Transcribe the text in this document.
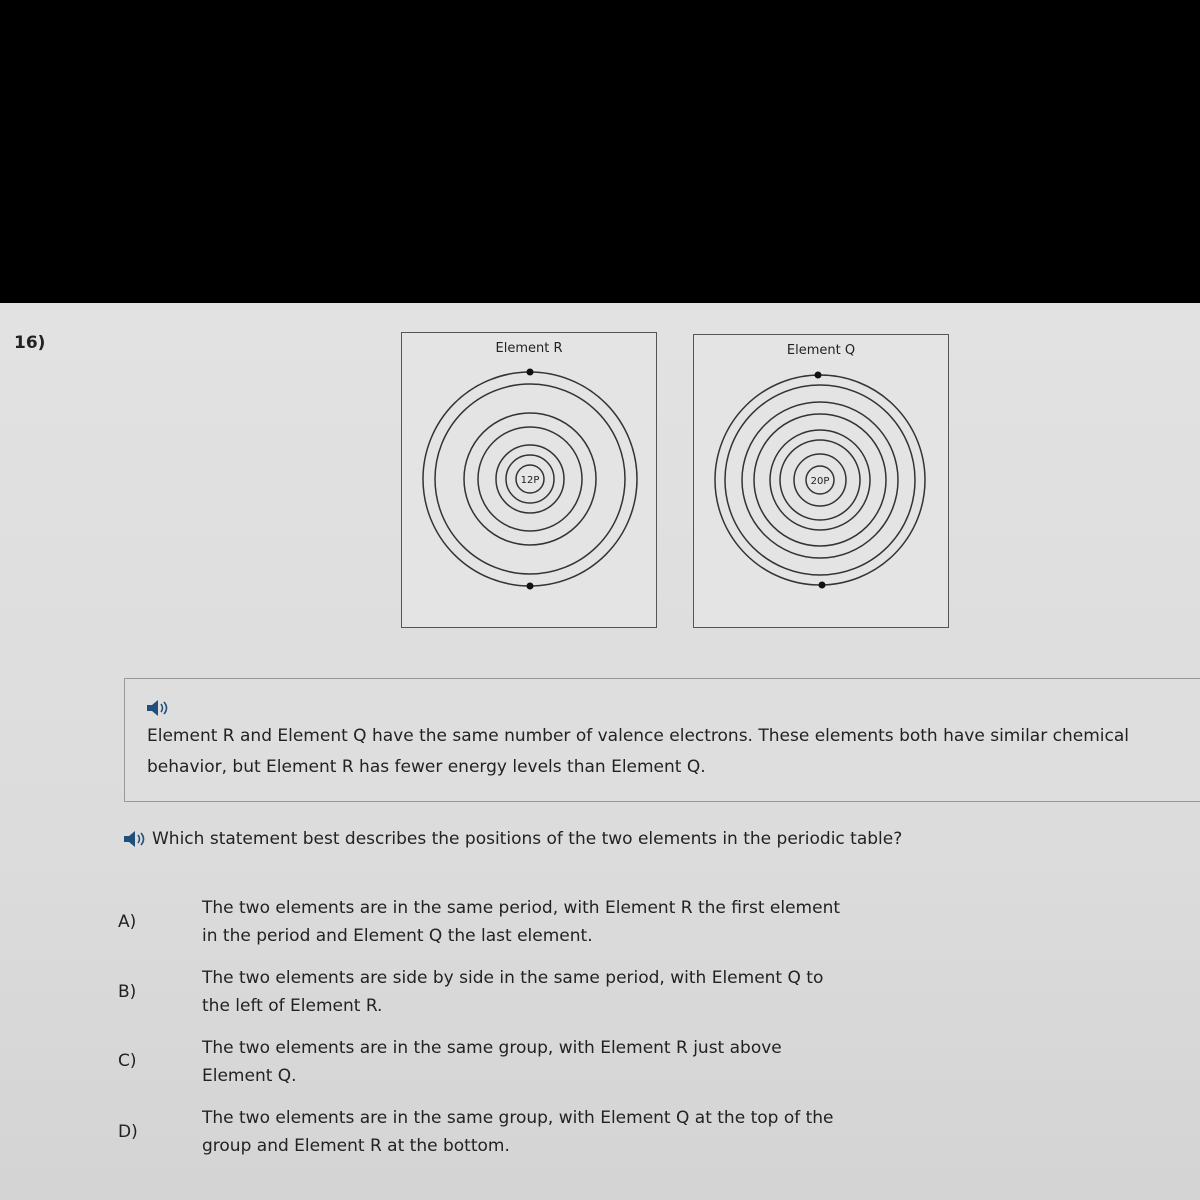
16)	Element R
12P
Element Q
20P
Element R and Element Q have the same number of valence electrons. These elements both have similar chemical behavior, but Element R has fewer energy levels than Element Q.
Which statement best describes the positions of the two elements in the periodic table?
A)
The two elements are in the same period, with Element R the first element in the period and Element Q the last element.
B)
The two elements are side by side in the same period, with Element Q to the left of Element R.
C)
The two elements are in the same group, with Element R just above Element Q.
D)
The two elements are in the same group, with Element Q at the top of the group and Element R at the bottom.
